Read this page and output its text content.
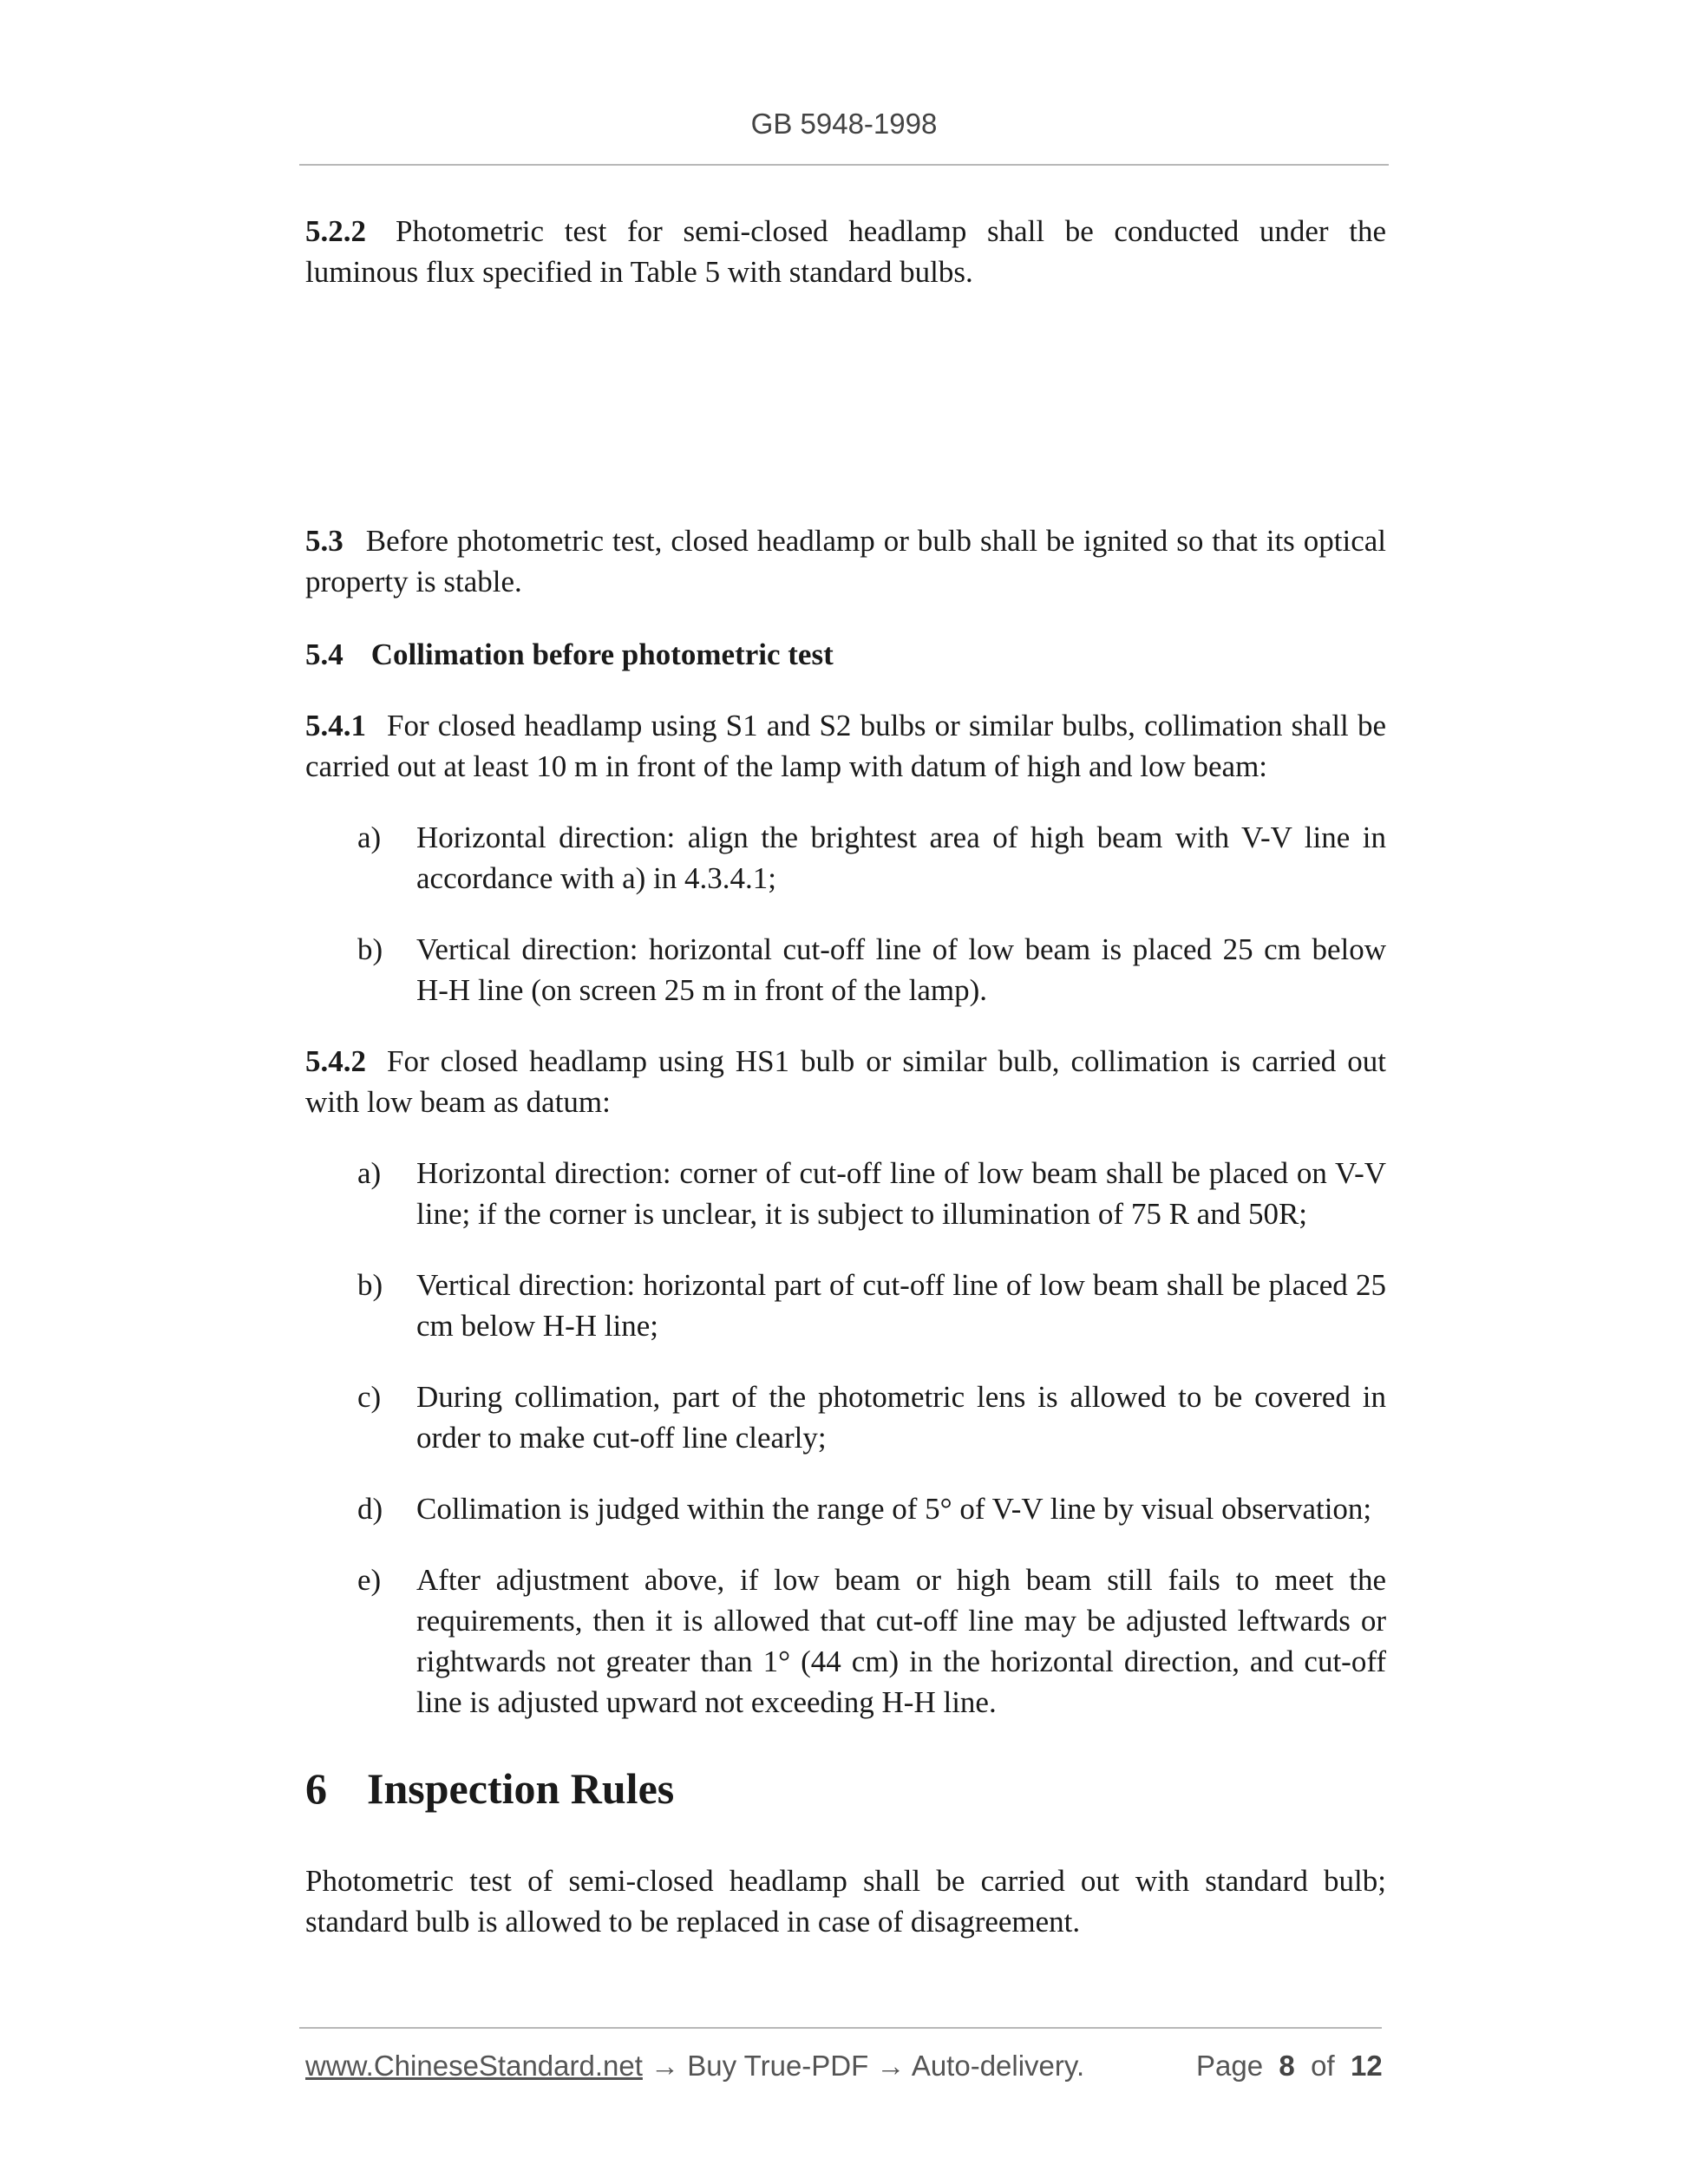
GB 5948-1998

5.2.2 Photometric test for semi-closed headlamp shall be conducted under the luminous flux specified in Table 5 with standard bulbs.

5.3 Before photometric test, closed headlamp or bulb shall be ignited so that its optical property is stable.

5.4 Collimation before photometric test

5.4.1 For closed headlamp using S1 and S2 bulbs or similar bulbs, collimation shall be carried out at least 10 m in front of the lamp with datum of high and low beam:

a) Horizontal direction: align the brightest area of high beam with V-V line in accordance with a) in 4.3.4.1;
b) Vertical direction: horizontal cut-off line of low beam is placed 25 cm below H-H line (on screen 25 m in front of the lamp).

5.4.2 For closed headlamp using HS1 bulb or similar bulb, collimation is carried out with low beam as datum:

a) Horizontal direction: corner of cut-off line of low beam shall be placed on V-V line; if the corner is unclear, it is subject to illumination of 75 R and 50R;
b) Vertical direction: horizontal part of cut-off line of low beam shall be placed 25 cm below H-H line;
c) During collimation, part of the photometric lens is allowed to be covered in order to make cut-off line clearly;
d) Collimation is judged within the range of 5° of V-V line by visual observation;
e) After adjustment above, if low beam or high beam still fails to meet the requirements, then it is allowed that cut-off line may be adjusted leftwards or rightwards not greater than 1° (44 cm) in the horizontal direction, and cut-off line is adjusted upward not exceeding H-H line.
6 Inspection Rules

Photometric test of semi-closed headlamp shall be carried out with standard bulb; standard bulb is allowed to be replaced in case of disagreement.

www.ChineseStandard.net → Buy True-PDF → Auto-delivery.	Page 8 of 12
